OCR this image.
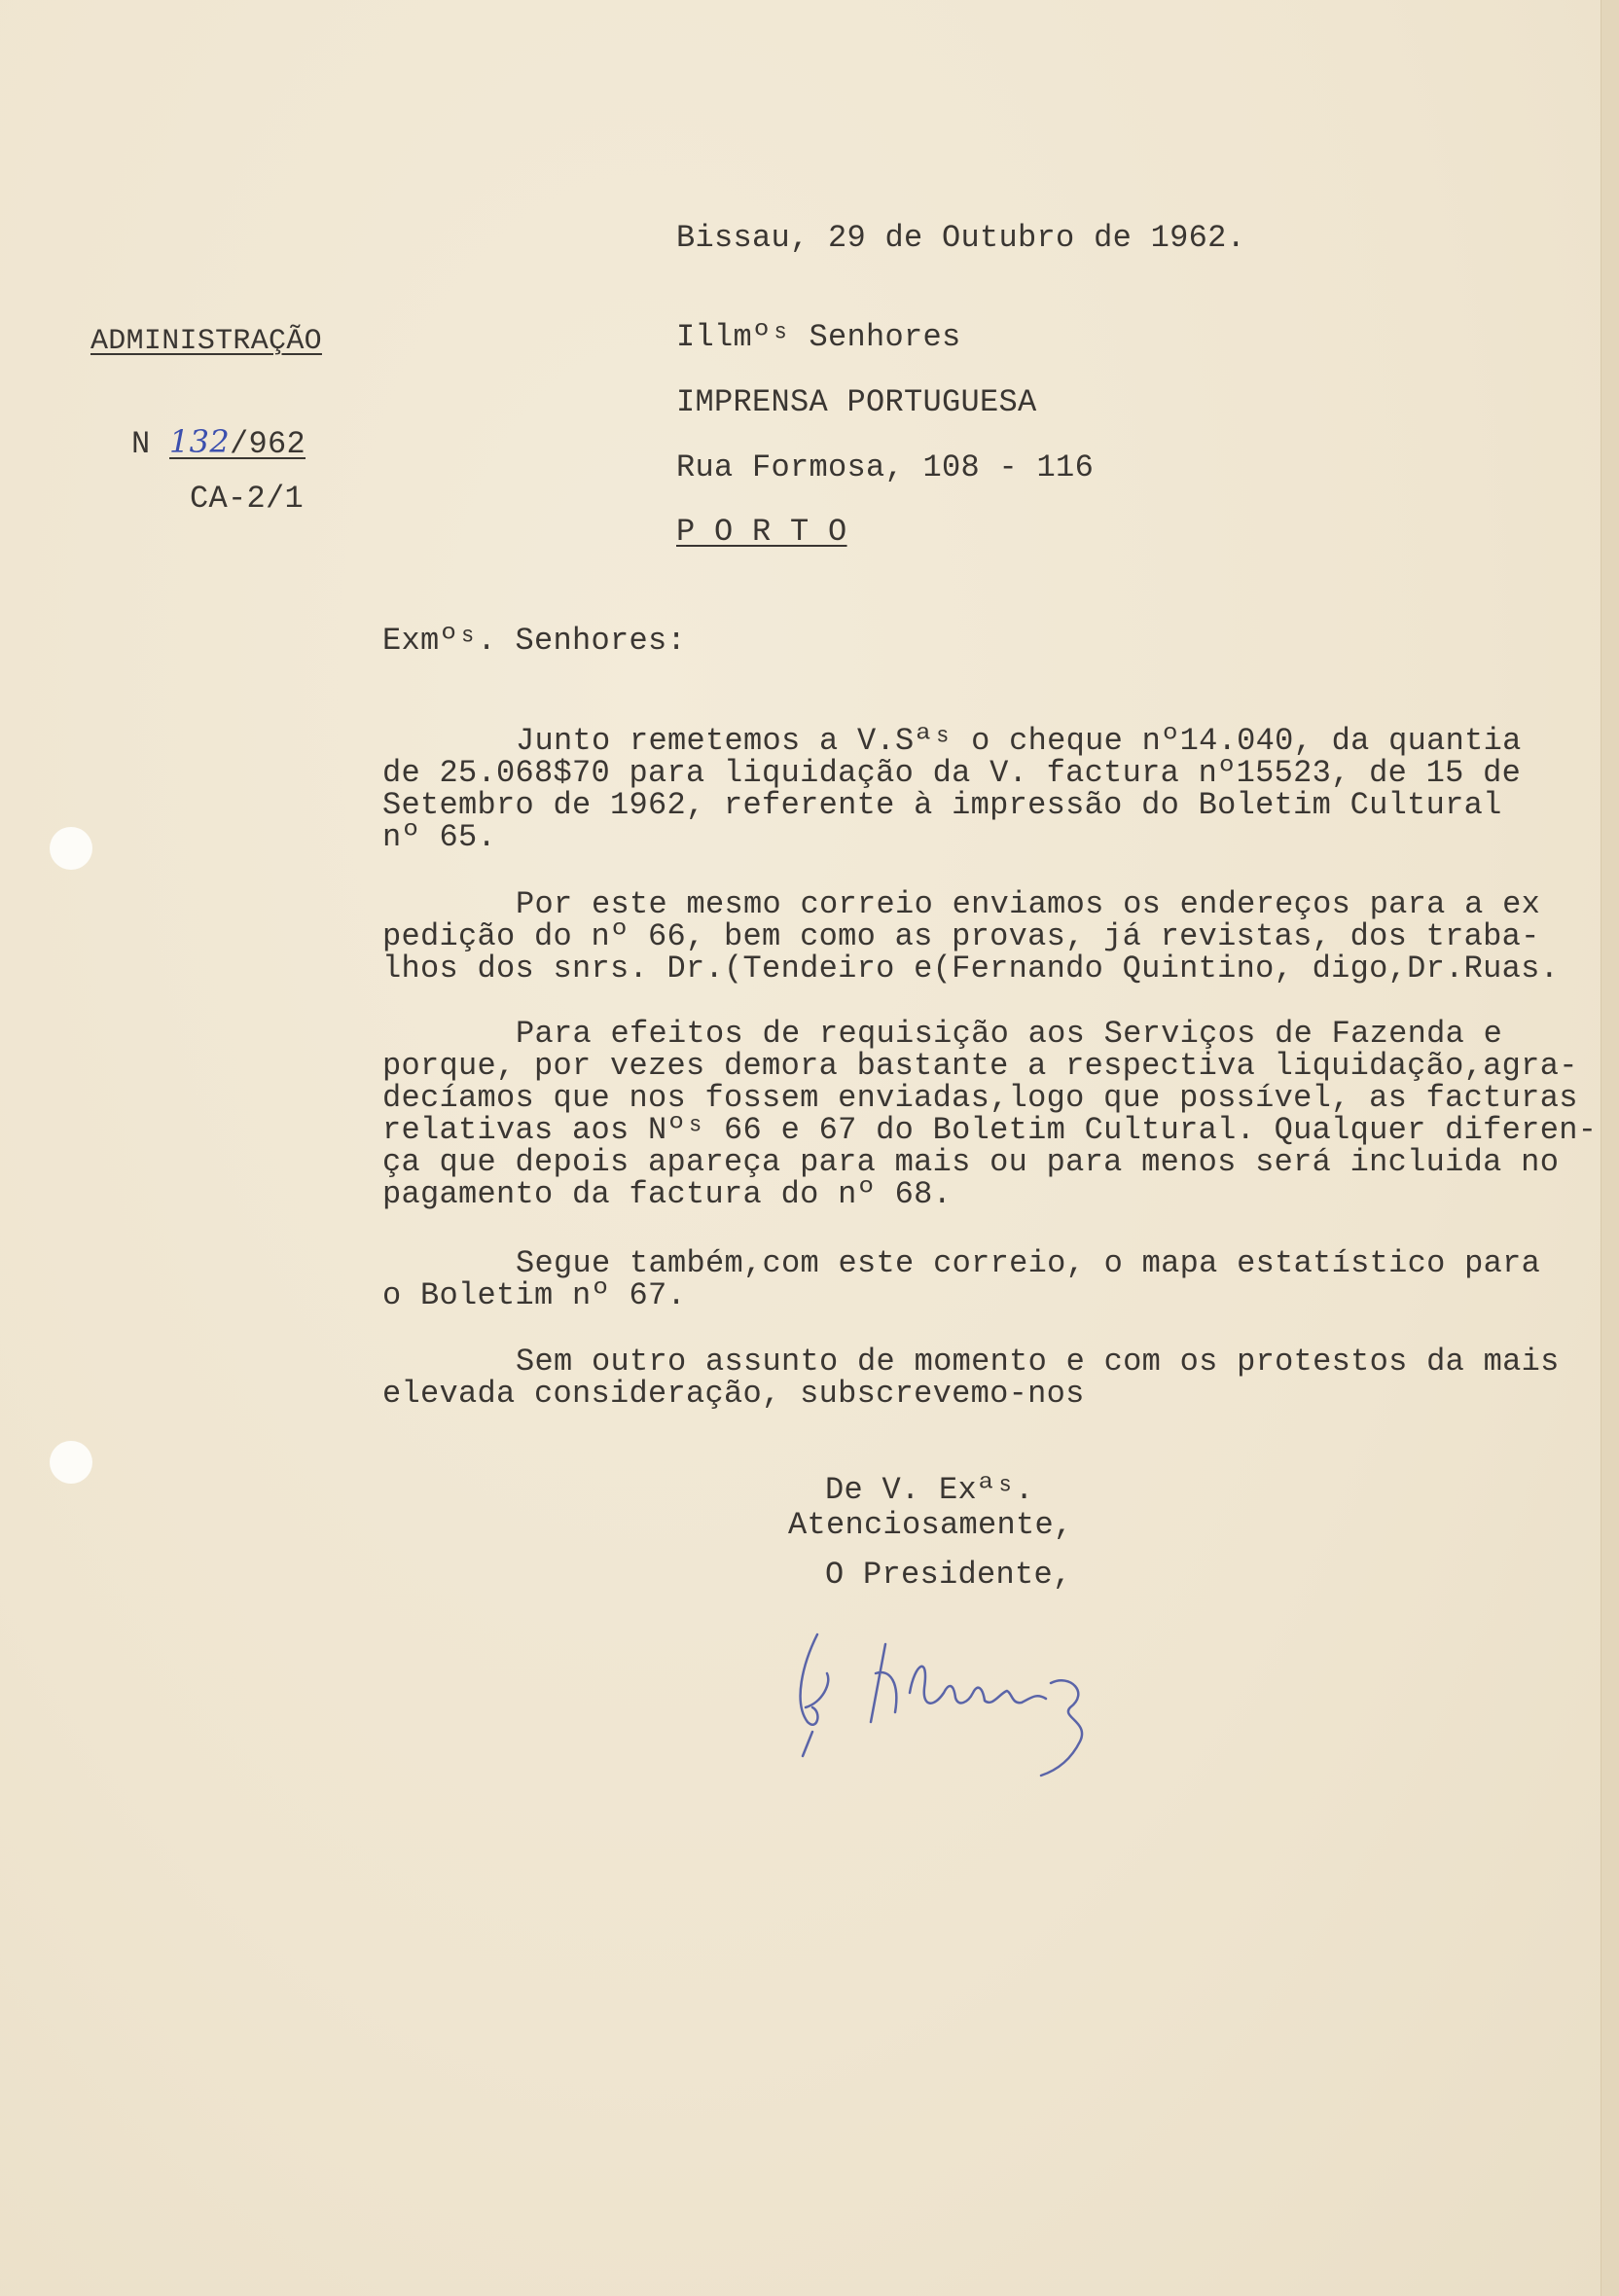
Bissau, 29 de Outubro de 1962.
ADMINISTRAÇÃO
N 132/962
CA-2/1
Illmºˢ Senhores
IMPRENSA PORTUGUESA
Rua Formosa, 108 - 116
P O R T O
Exmºˢ. Senhores:
Junto remetemos a V.Sªˢ o cheque nº14.040, da quantia
de 25.068$70 para liquidação da V. factura nº15523, de 15 de
Setembro de 1962, referente à impressão do Boletim Cultural
nº 65.
Por este mesmo correio enviamos os endereços para a ex
pedição do nº 66, bem como as provas, já revistas, dos traba-
lhos dos snrs. Dr.(Tendeiro e(Fernando Quintino, digo,Dr.Ruas.
Para efeitos de requisição aos Serviços de Fazenda e
porque, por vezes demora bastante a respectiva liquidação,agra-
decíamos que nos fossem enviadas,logo que possível, as facturas
relativas aos Nºˢ 66 e 67 do Boletim Cultural. Qualquer diferen-
ça que depois apareça para mais ou para menos será incluida no
pagamento da factura do nº 68.
Segue também,com este correio, o mapa estatístico para
o Boletim nº 67.
Sem outro assunto de momento e com os protestos da mais
elevada consideração, subscrevemo-nos
De V. Exªˢ.
Atenciosamente,
O Presidente,
